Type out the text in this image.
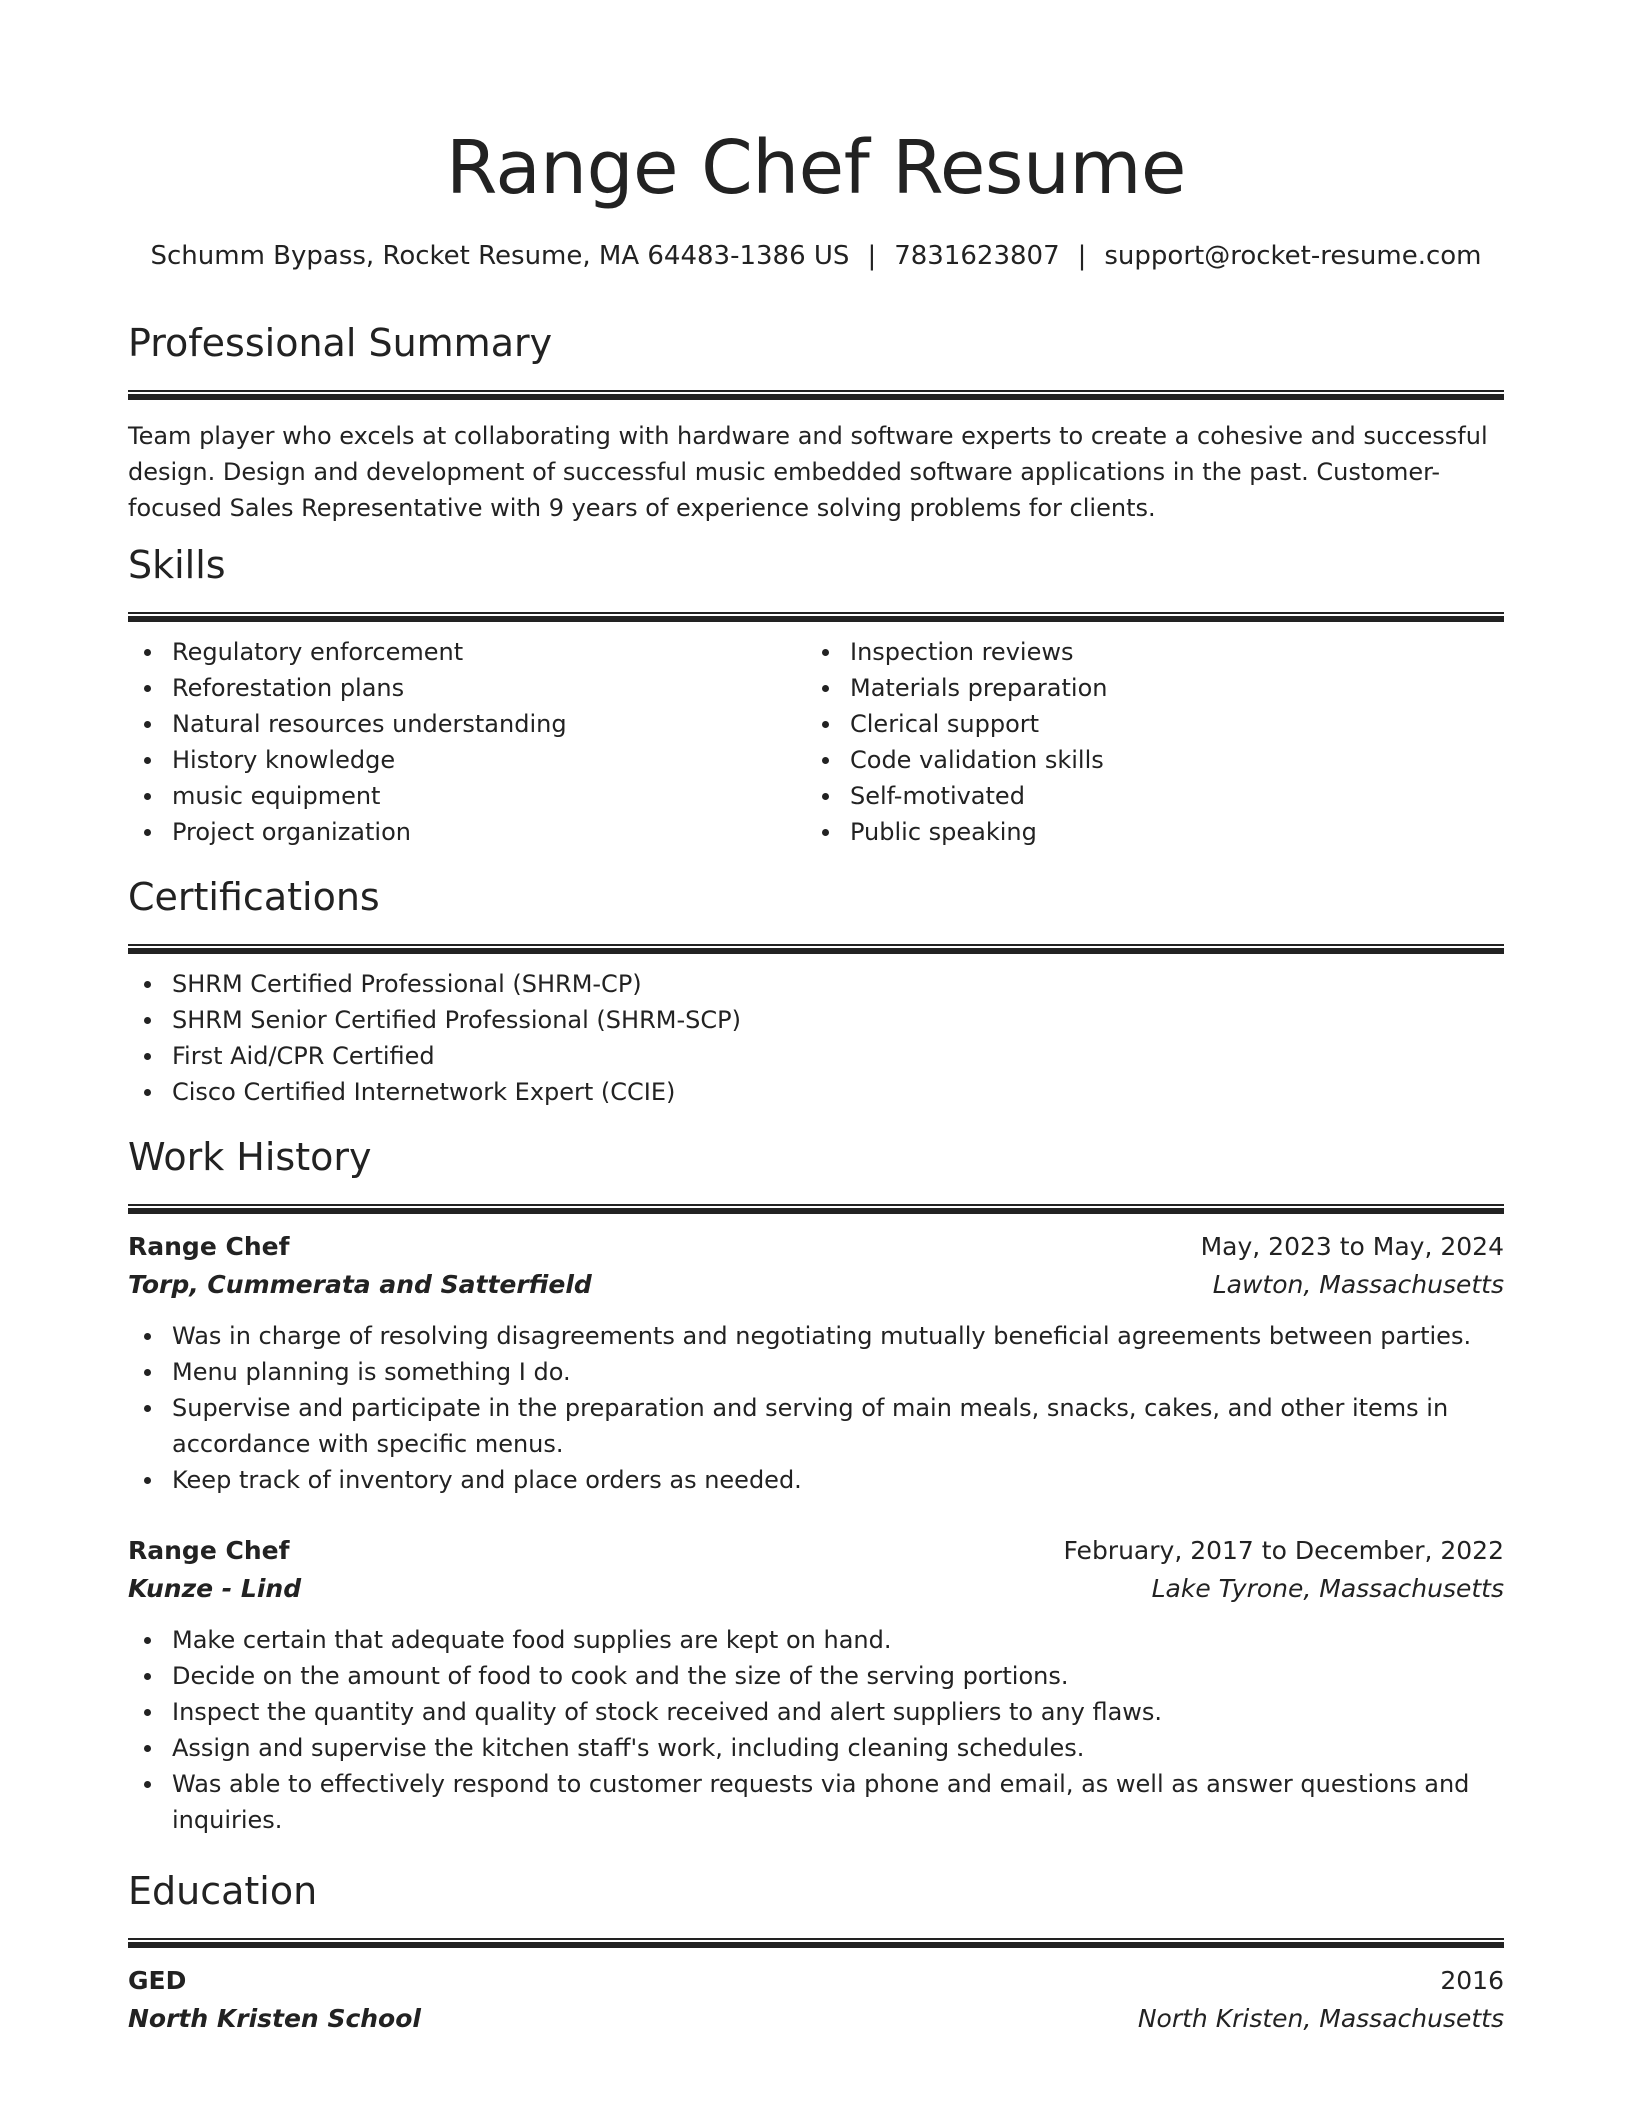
Range Chef Resume
Schumm Bypass, Rocket Resume, MA 64483-1386 US | 7831623807 | support@rocket-resume.com
Professional Summary

Team player who excels at collaborating with hardware and software experts to create a cohesive and successful design. Design and development of successful music embedded software applications in the past. Customer-focused Sales Representative with 9 years of experience solving problems for clients.

Skills
Regulatory enforcement
Reforestation plans
Natural resources understanding
History knowledge
music equipment
Project organization
Inspection reviews
Materials preparation
Clerical support
Code validation skills
Self-motivated
Public speaking
Certifications
SHRM Certified Professional (SHRM-CP)
SHRM Senior Certified Professional (SHRM-SCP)
First Aid/CPR Certified
Cisco Certified Internetwork Expert (CCIE)
Work History
Range Chef	May, 2023 to May, 2024
Torp, Cummerata and Satterfield	Lawton, Massachusetts
Was in charge of resolving disagreements and negotiating mutually beneficial agreements between parties.
Menu planning is something I do.
Supervise and participate in the preparation and serving of main meals, snacks, cakes, and other items in accordance with specific menus.
Keep track of inventory and place orders as needed.
Range Chef	February, 2017 to December, 2022
Kunze - Lind	Lake Tyrone, Massachusetts
Make certain that adequate food supplies are kept on hand.
Decide on the amount of food to cook and the size of the serving portions.
Inspect the quantity and quality of stock received and alert suppliers to any flaws.
Assign and supervise the kitchen staff's work, including cleaning schedules.
Was able to effectively respond to customer requests via phone and email, as well as answer questions and inquiries.
Education
GED	2016
North Kristen School	North Kristen, Massachusetts
